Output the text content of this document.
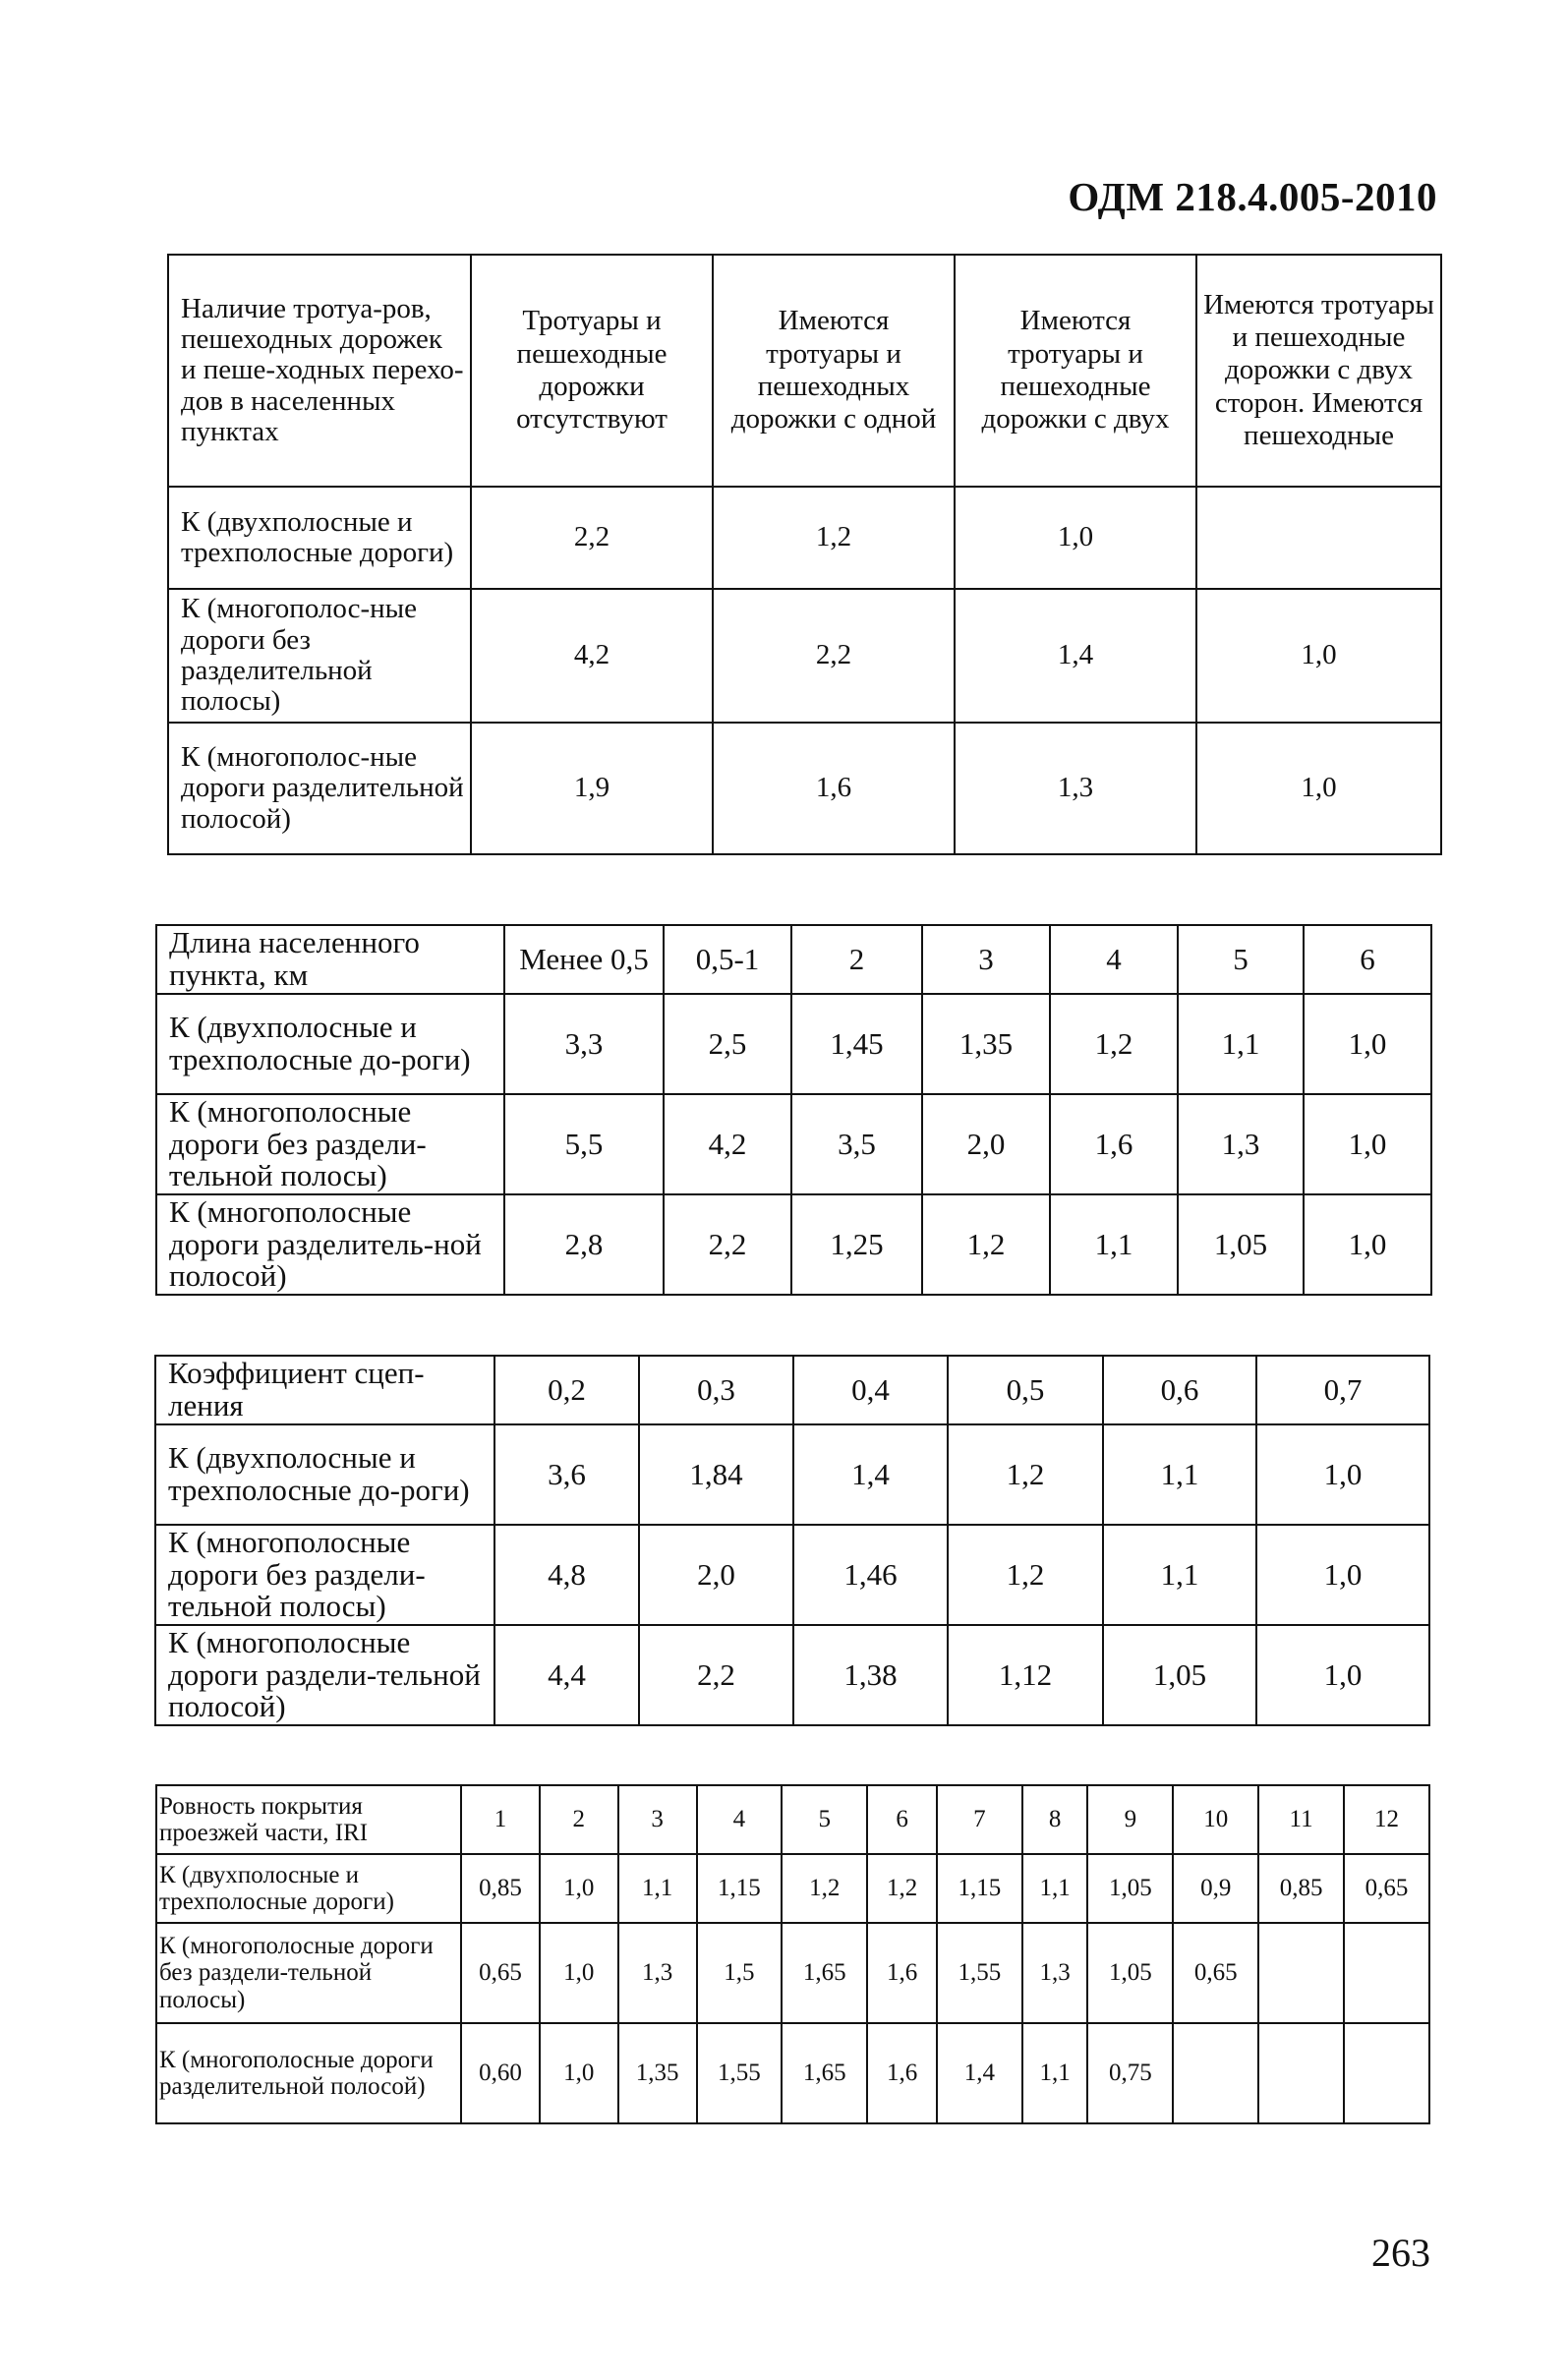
ОДМ 218.4.005-2010
Наличие тротуа-ров, пешеходных дорожек и пеше-ходных перехо-дов в населенных пунктах	Тротуары и пешеходные дорожки отсутствуют	Имеются тротуары и пешеходных дорожки с одной	Имеются тротуары и пешеходные дорожки с двух	Имеются тротуары и пешеходные дорожки с двух сторон. Имеются пешеходные
К (двухполосные и трехполосные дороги)	2,2	1,2	1,0	
К (многополос-ные дороги без разделительной полосы)	4,2	2,2	1,4	1,0
К (многополос-ные дороги разделительной полосой)	1,9	1,6	1,3	1,0
Длина населенного пункта, км	Менее 0,5	0,5-1	2	3	4	5	6
К (двухполосные и трехполосные до-роги)	3,3	2,5	1,45	1,35	1,2	1,1	1,0
К (многополосные дороги без раздели-тельной полосы)	5,5	4,2	3,5	2,0	1,6	1,3	1,0
К (многополосные дороги разделитель-ной полосой)	2,8	2,2	1,25	1,2	1,1	1,05	1,0
Коэффициент сцеп-ления	0,2	0,3	0,4	0,5	0,6	0,7
К (двухполосные и трехполосные до-роги)	3,6	1,84	1,4	1,2	1,1	1,0
К (многополосные дороги без раздели-тельной полосы)	4,8	2,0	1,46	1,2	1,1	1,0
К (многополосные дороги раздели-тельной полосой)	4,4	2,2	1,38	1,12	1,05	1,0
Ровность покрытия проезжей части, IRI	1	2	3	4	5	6	7	8	9	10	11	12
К (двухполосные и трехполосные дороги)	0,85	1,0	1,1	1,15	1,2	1,2	1,15	1,1	1,05	0,9	0,85	0,65
К (многополосные дороги без раздели-тельной полосы)	0,65	1,0	1,3	1,5	1,65	1,6	1,55	1,3	1,05	0,65		
К (многополосные дороги разделительной полосой)	0,60	1,0	1,35	1,55	1,65	1,6	1,4	1,1	0,75			
263
